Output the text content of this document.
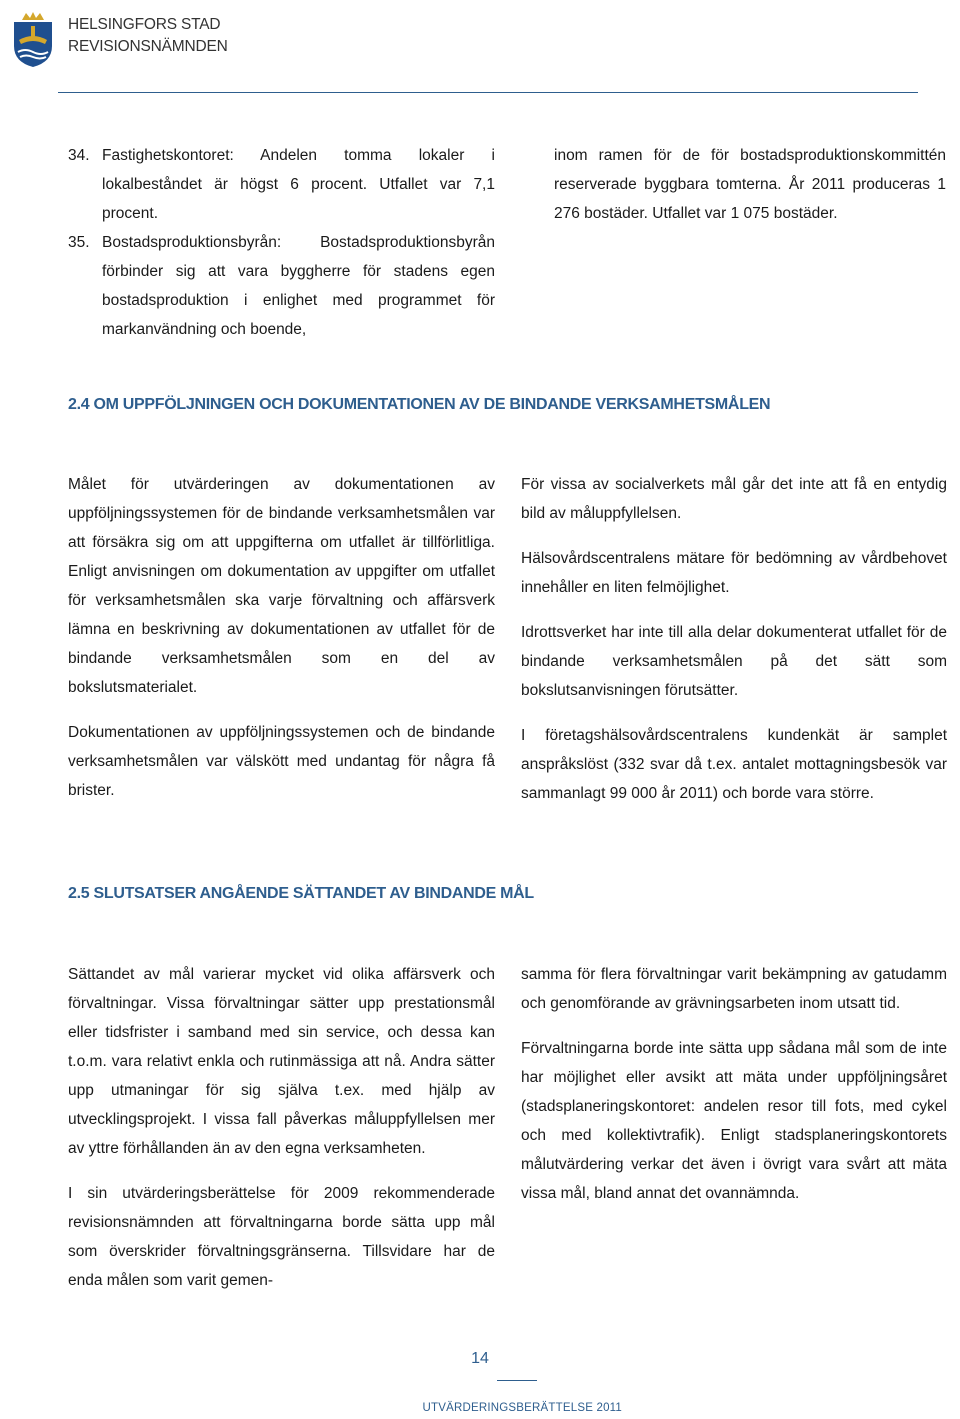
HELSINGFORS STAD
REVISIONSNÄMNDEN
34. Fastighetskontoret: Andelen tomma lokaler i lokalbeståndet är högst 6 procent. Utfallet var 7,1 procent.
35. Bostadsproduktionsbyrån: Bostadsproduktionsbyrån förbinder sig att vara byggherre för stadens egen bostadsproduktion i enlighet med programmet för markanvändning och boende,

inom ramen för de för bostadsproduktionskommittén reserverade byggbara tomterna. År 2011 produceras 1 276 bostäder. Utfallet var 1 075 bostäder.

2.4 OM UPPFÖLJNINGEN OCH DOKUMENTATIONEN AV DE BINDANDE VERKSAMHETSMÅLEN

Målet för utvärderingen av dokumentationen av uppföljningssystemen för de bindande verksamhetsmålen var att försäkra sig om att uppgifterna om utfallet är tillförlitliga. Enligt anvisningen om dokumentation av uppgifter om utfallet för verksamhetsmålen ska varje förvaltning och affärsverk lämna en beskrivning av dokumentationen av utfallet för de bindande verksamhetsmålen som en del av bokslutsmaterialet.

Dokumentationen av uppföljningssystemen och de bindande verksamhetsmålen var välskött med undantag för några få brister.

För vissa av socialverkets mål går det inte att få en entydig bild av måluppfyllelsen.

Hälsovårdscentralens mätare för bedömning av vårdbehovet innehåller en liten felmöjlighet.

Idrottsverket har inte till alla delar dokumenterat utfallet för de bindande verksamhetsmålen på det sätt som bokslutsanvisningen förutsätter.

I företagshälsovårdscentralens kundenkät är samplet anspråkslöst (332 svar då t.ex. antalet mottagningsbesök var sammanlagt 99 000 år 2011) och borde vara större.

2.5 SLUTSATSER ANGÅENDE SÄTTANDET AV BINDANDE MÅL

Sättandet av mål varierar mycket vid olika affärsverk och förvaltningar. Vissa förvaltningar sätter upp prestationsmål eller tidsfrister i samband med sin service, och dessa kan t.o.m. vara relativt enkla och rutinmässiga att nå. Andra sätter upp utmaningar för sig själva t.ex. med hjälp av utvecklingsprojekt. I vissa fall påverkas måluppfyllelsen mer av yttre förhållanden än av den egna verksamheten.

I sin utvärderingsberättelse för 2009 rekommenderade revisionsnämnden att förvaltningarna borde sätta upp mål som överskrider förvaltningsgränserna. Tillsvidare har de enda målen som varit gemen-

samma för flera förvaltningar varit bekämpning av gatudamm och genomförande av grävningsarbeten inom utsatt tid.

Förvaltningarna borde inte sätta upp sådana mål som de inte har möjlighet eller avsikt att mäta under uppföljningsåret (stadsplaneringskontoret: andelen resor till fots, med cykel och med kollektivtrafik). Enligt stadsplaneringskontorets målutvärdering verkar det även i övrigt vara svårt att mäta vissa mål, bland annat det ovannämnda.

14
UTVÄRDERINGSBERÄTTELSE 2011
